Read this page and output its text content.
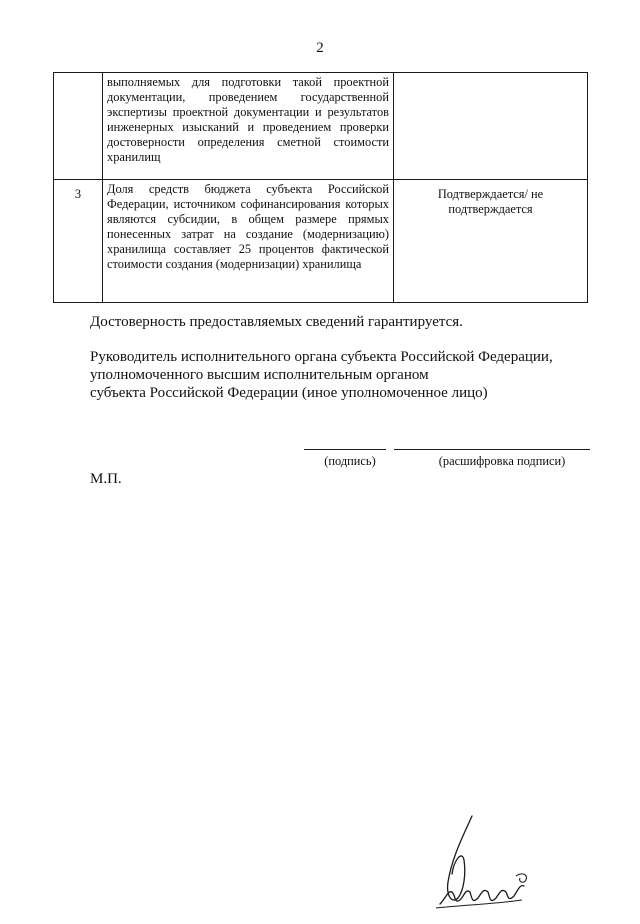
2
	выполняемых для подготовки такой проектной документации, проведением государственной экспертизы проектной документации и результатов инженерных изысканий и проведением проверки достоверности определения сметной стоимости хранилищ	
3	Доля средств бюджета субъекта Российской Федерации, источником софинансирования которых являются субсидии, в общем размере прямых понесенных затрат на создание (модернизацию) хранилища составляет 25 процентов фактической стоимости создания (модернизации) хранилища	Подтверждается/ не подтверждается
Достоверность предоставляемых сведений гарантируется.
Руководитель исполнительного органа субъекта Российской Федерации,
уполномоченного высшим исполнительным органом
субъекта Российской Федерации (иное уполномоченное лицо)
(подпись)	(расшифровка подписи)
М.П.
